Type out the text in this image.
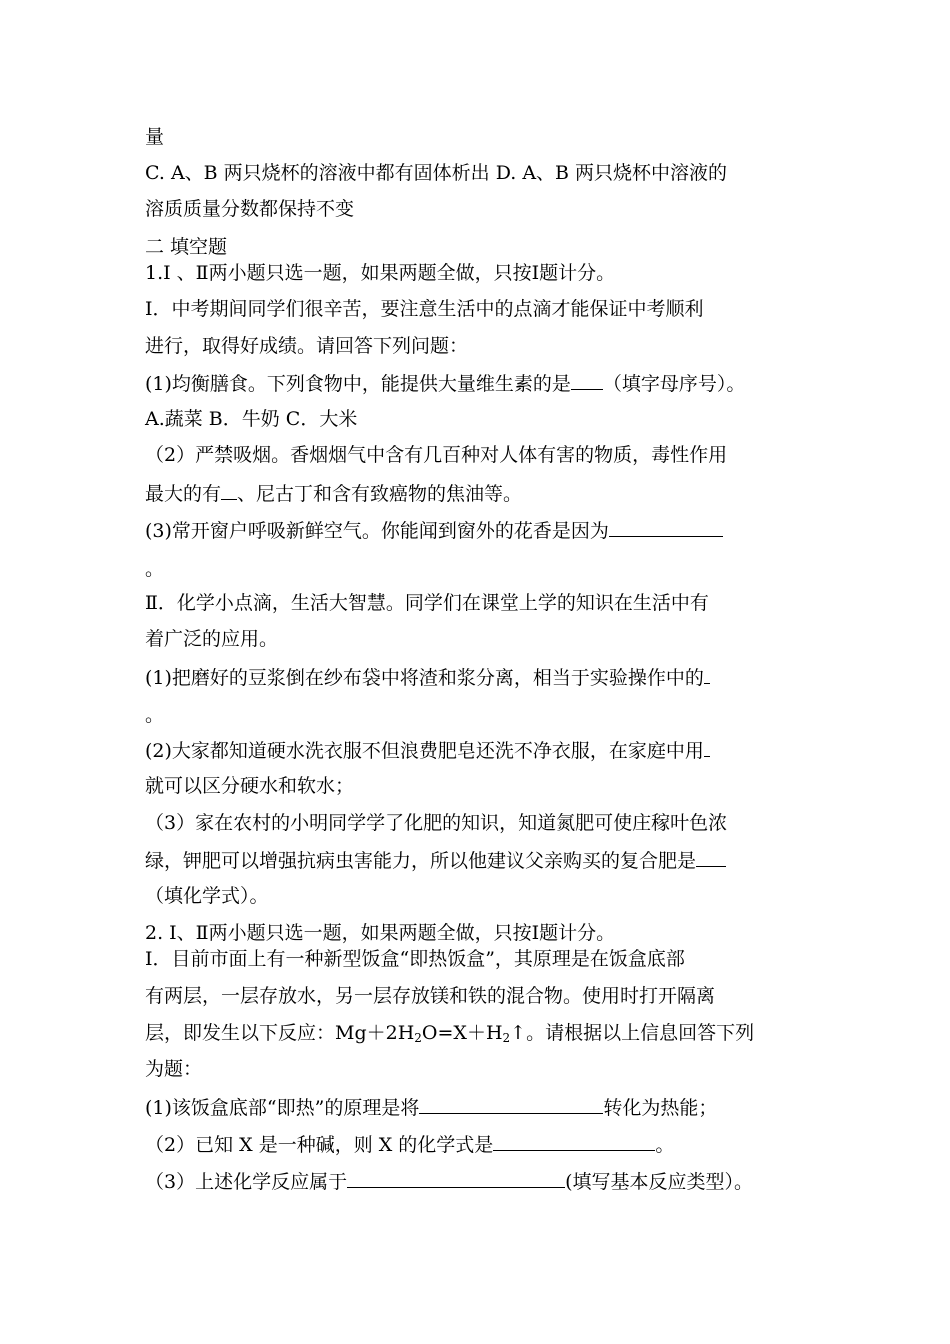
量
C. A、B 两只烧杯的溶液中都有固体析出 D. A、B 两只烧杯中溶液的
溶质质量分数都保持不变
二 填空题
1.Ⅰ 、Ⅱ两小题只选一题，如果两题全做，只按Ⅰ题计分。
Ⅰ．中考期间同学们很辛苦，要注意生活中的点滴才能保证中考顺利
进行，取得好成绩。请回答下列问题：
(1)均衡膳食。下列食物中，能提供大量维生素的是 （填字母序号）。
A.蔬菜 B．牛奶 C．大米
（2）严禁吸烟。香烟烟气中含有几百种对人体有害的物质，毒性作用
最大的有 、尼古丁和含有致癌物的焦油等。
(3)常开窗户呼吸新鲜空气。你能闻到窗外的花香是因为
。
Ⅱ．化学小点滴，生活大智慧。同学们在课堂上学的知识在生活中有
着广泛的应用。
(1)把磨好的豆浆倒在纱布袋中将渣和浆分离，相当于实验操作中的
。
(2)大家都知道硬水洗衣服不但浪费肥皂还洗不净衣服，在家庭中用
就可以区分硬水和软水；
（3）家在农村的小明同学学了化肥的知识，知道氮肥可使庄稼叶色浓
绿，钾肥可以增强抗病虫害能力，所以他建议父亲购买的复合肥是
（填化学式）。
2. Ⅰ、Ⅱ两小题只选一题，如果两题全做，只按Ⅰ题计分。
Ⅰ．目前市面上有一种新型饭盒“即热饭盒”，其原理是在饭盒底部
有两层，一层存放水，另一层存放镁和铁的混合物。使用时打开隔离
层，即发生以下反应：$Mg+2H_2O=X+H_2↑$。请根据以上信息回答下列
为题：
(1)该饭盒底部“即热”的原理是将	转化为热能；
（2）已知 X 是一种碱，则 X 的化学式是	。
（3）上述化学反应属于	(填写基本反应类型）。
